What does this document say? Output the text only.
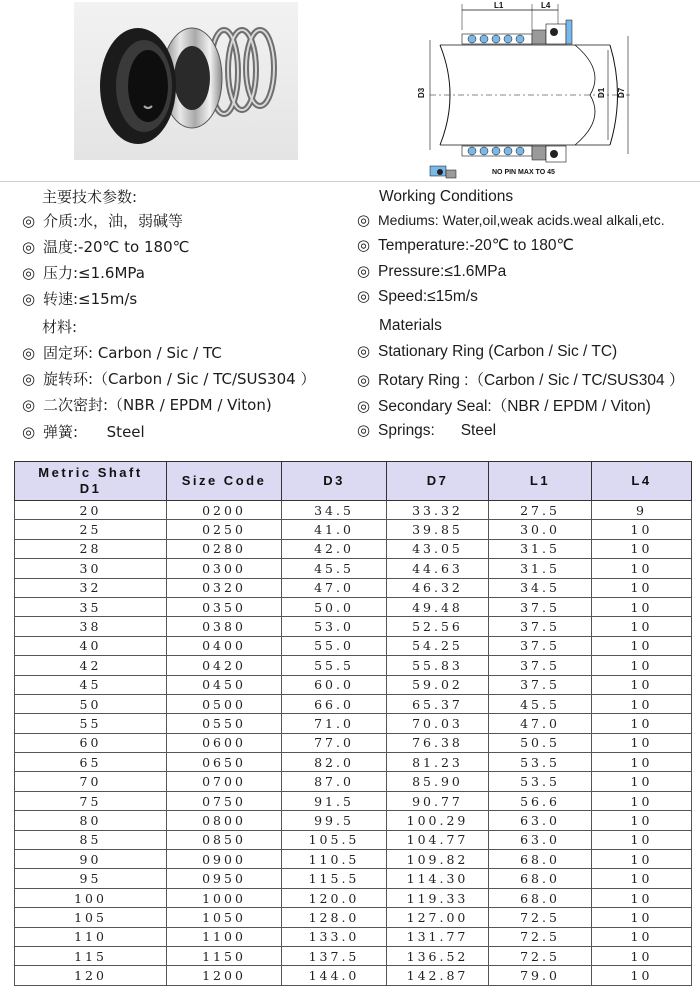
L1	L4
D3	D1 D7
NO PIN MAX TO 45
主要技术参数:
◎ 介质:水，油，弱碱等
◎ 温度:-20℃ to 180℃
◎ 压力:≤1.6MPa
◎ 转速:≤15m/s
材料:
◎ 固定环: Carbon / Sic / TC
◎ 旋转环:（Carbon / Sic / TC/SUS304 ）
◎ 二次密封:（NBR / EPDM / Viton)
◎ 弹簧:      Steel
Working Conditions
◎ Mediums: Water,oil,weak acids.weal alkali,etc.
◎ Temperature:-20℃ to 180℃
◎ Pressure:≤1.6MPa
◎ Speed:≤15m/s
Materials
◎ Stationary Ring (Carbon / Sic / TC)
◎ Rotary Ring :（Carbon / Sic / TC/SUS304 ）
◎ Secondary Seal:（NBR / EPDM / Viton)
◎ Springs:      Steel
Metric Shaft D1	Size Code	D3	D7	L1	L4
20	0200	34.5	33.32	27.5	9
25	0250	41.0	39.85	30.0	10
28	0280	42.0	43.05	31.5	10
30	0300	45.5	44.63	31.5	10
32	0320	47.0	46.32	34.5	10
35	0350	50.0	49.48	37.5	10
38	0380	53.0	52.56	37.5	10
40	0400	55.0	54.25	37.5	10
42	0420	55.5	55.83	37.5	10
45	0450	60.0	59.02	37.5	10
50	0500	66.0	65.37	45.5	10
55	0550	71.0	70.03	47.0	10
60	0600	77.0	76.38	50.5	10
65	0650	82.0	81.23	53.5	10
70	0700	87.0	85.90	53.5	10
75	0750	91.5	90.77	56.6	10
80	0800	99.5	100.29	63.0	10
85	0850	105.5	104.77	63.0	10
90	0900	110.5	109.82	68.0	10
95	0950	115.5	114.30	68.0	10
100	1000	120.0	119.33	68.0	10
105	1050	128.0	127.00	72.5	10
110	1100	133.0	131.77	72.5	10
115	1150	137.5	136.52	72.5	10
120	1200	144.0	142.87	79.0	10
